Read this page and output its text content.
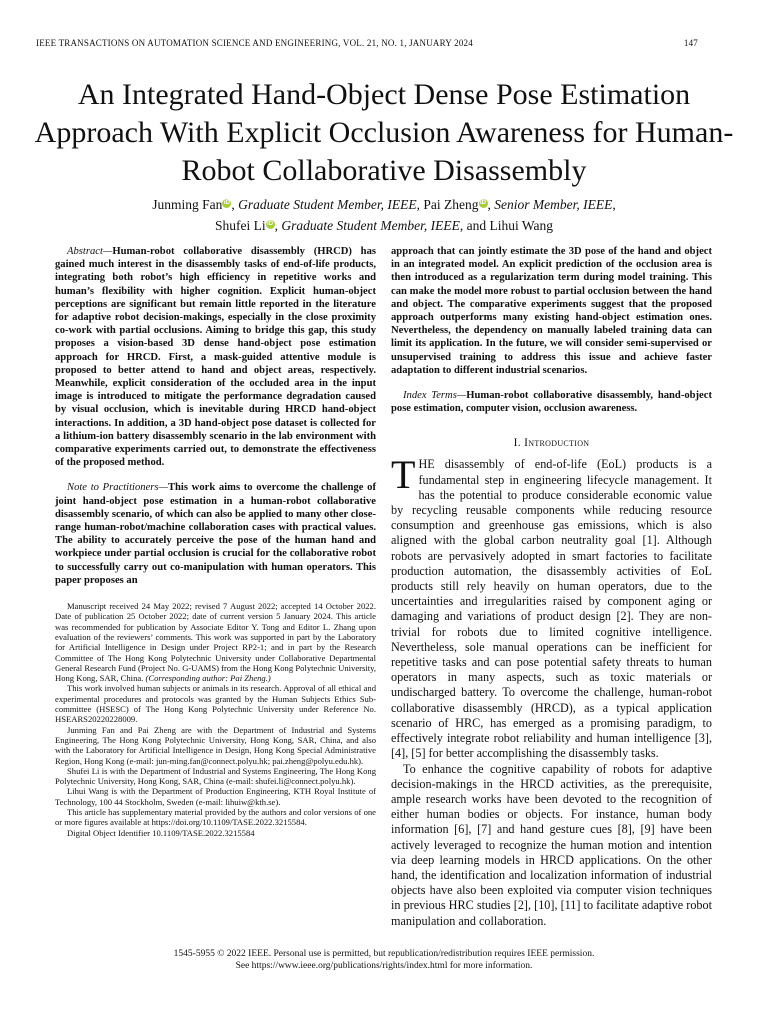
IEEE TRANSACTIONS ON AUTOMATION SCIENCE AND ENGINEERING, VOL. 21, NO. 1, JANUARY 2024	147
An Integrated Hand-Object Dense Pose Estimation Approach With Explicit Occlusion Awareness for Human-Robot Collaborative Disassembly
Junming Fan iD , Graduate Student Member, IEEE, Pai Zheng iD , Senior Member, IEEE,
Shufei Li iD , Graduate Student Member, IEEE, and Lihui Wang

Abstract—Human-robot collaborative disassembly (HRCD) has gained much interest in the disassembly tasks of end-of-life products, integrating both robot’s high efficiency in repetitive works and human’s flexibility with higher cognition. Explicit human-object perceptions are significant but remain little reported in the literature for adaptive robot decision-makings, especially in the close proximity co-work with partial occlusions. Aiming to bridge this gap, this study proposes a vision-based 3D dense hand-object pose estimation approach for HRCD. First, a mask-guided attentive module is proposed to better attend to hand and object areas, respectively. Meanwhile, explicit consideration of the occluded area in the input image is introduced to mitigate the performance degradation caused by visual occlusion, which is inevitable during HRCD hand-object interactions. In addition, a 3D hand-object pose dataset is collected for a lithium-ion battery disassembly scenario in the lab environment with comparative experiments carried out, to demonstrate the effectiveness of the proposed method.

Note to Practitioners—This work aims to overcome the challenge of joint hand-object pose estimation in a human-robot collaborative disassembly scenario, of which can also be applied to many other close-range human-robot/machine collaboration cases with practical values. The ability to accurately perceive the pose of the human hand and workpiece under partial occlusion is crucial for the collaborative robot to successfully carry out co-manipulation with human operators. This paper proposes an

Manuscript received 24 May 2022; revised 7 August 2022; accepted 14 October 2022. Date of publication 25 October 2022; date of current version 5 January 2024. This article was recommended for publication by Associate Editor Y. Tong and Editor L. Zhang upon evaluation of the reviewers’ comments. This work was supported in part by the Laboratory for Artificial Intelligence in Design under Project RP2-1; and in part by the Research Committee of The Hong Kong Polytechnic University under Collaborative Departmental General Research Fund (Project No. G-UAMS) from the Hong Kong Polytechnic University, Hong Kong, SAR, China. (Corresponding author: Pai Zheng.)

This work involved human subjects or animals in its research. Approval of all ethical and experimental procedures and protocols was granted by the Human Subjects Ethics Sub-committee (HSESC) of The Hong Kong Polytechnic University under Reference No. HSEARS20220228009.

Junming Fan and Pai Zheng are with the Department of Industrial and Systems Engineering, The Hong Kong Polytechnic University, Hong Kong, SAR, China, and also with the Laboratory for Artificial Intelligence in Design, Hong Kong Special Administrative Region, Hong Kong (e-mail: jun-ming.fan@connect.polyu.hk; pai.zheng@polyu.edu.hk).

Shufei Li is with the Department of Industrial and Systems Engineering, The Hong Kong Polytechnic University, Hong Kong, SAR, China (e-mail: shufei.li@connect.polyu.hk).

Lihui Wang is with the Department of Production Engineering, KTH Royal Institute of Technology, 100 44 Stockholm, Sweden (e-mail: lihuiw@kth.se).

This article has supplementary material provided by the authors and color versions of one or more figures available at https://doi.org/10.1109/TASE.2022.3215584.

Digital Object Identifier 10.1109/TASE.2022.3215584

approach that can jointly estimate the 3D pose of the hand and object in an integrated model. An explicit prediction of the occlusion area is then introduced as a regularization term during model training. This can make the model more robust to partial occlusion between the hand and object. The comparative experiments suggest that the proposed approach outperforms many existing hand-object estimation ones. Nevertheless, the dependency on manually labeled training data can limit its application. In the future, we will consider semi-supervised or unsupervised training to address this issue and achieve faster adaptation to different industrial scenarios.

Index Terms—Human-robot collaborative disassembly, hand-object pose estimation, computer vision, occlusion awareness.

I. Introduction

THE disassembly of end-of-life (EoL) products is a fundamental step in engineering lifecycle management. It has the potential to produce considerable economic value by recycling reusable components while reducing resource consumption and greenhouse gas emissions, which is also aligned with the global carbon neutrality goal [1]. Although robots are pervasively adopted in smart factories to facilitate production automation, the disassembly activities of EoL products still rely heavily on human operators, due to the uncertainties and irregularities raised by component aging or damaging and variations of product design [2]. They are non-trivial for robots due to limited cognitive intelligence. Nevertheless, sole manual operations can be inefficient for repetitive tasks and can pose potential safety threats to human operators in many aspects, such as toxic materials or undischarged battery. To overcome the challenge, human-robot collaborative disassembly (HRCD), as a typical application scenario of HRC, has emerged as a promising paradigm, to effectively integrate robot reliability and human intelligence [3], [4], [5] for better accomplishing the disassembly tasks.

To enhance the cognitive capability of robots for adaptive decision-makings in the HRCD activities, as the prerequisite, ample research works have been devoted to the recognition of either human bodies or objects. For instance, human body information [6], [7] and hand gesture cues [8], [9] have been actively leveraged to recognize the human motion and intention via deep learning models in HRCD applications. On the other hand, the identification and localization information of industrial objects have also been exploited via computer vision techniques in previous HRC studies [2], [10], [11] to facilitate adaptive robot manipulation and collaboration.

1545-5955 © 2022 IEEE. Personal use is permitted, but republication/redistribution requires IEEE permission.
See https://www.ieee.org/publications/rights/index.html for more information.
